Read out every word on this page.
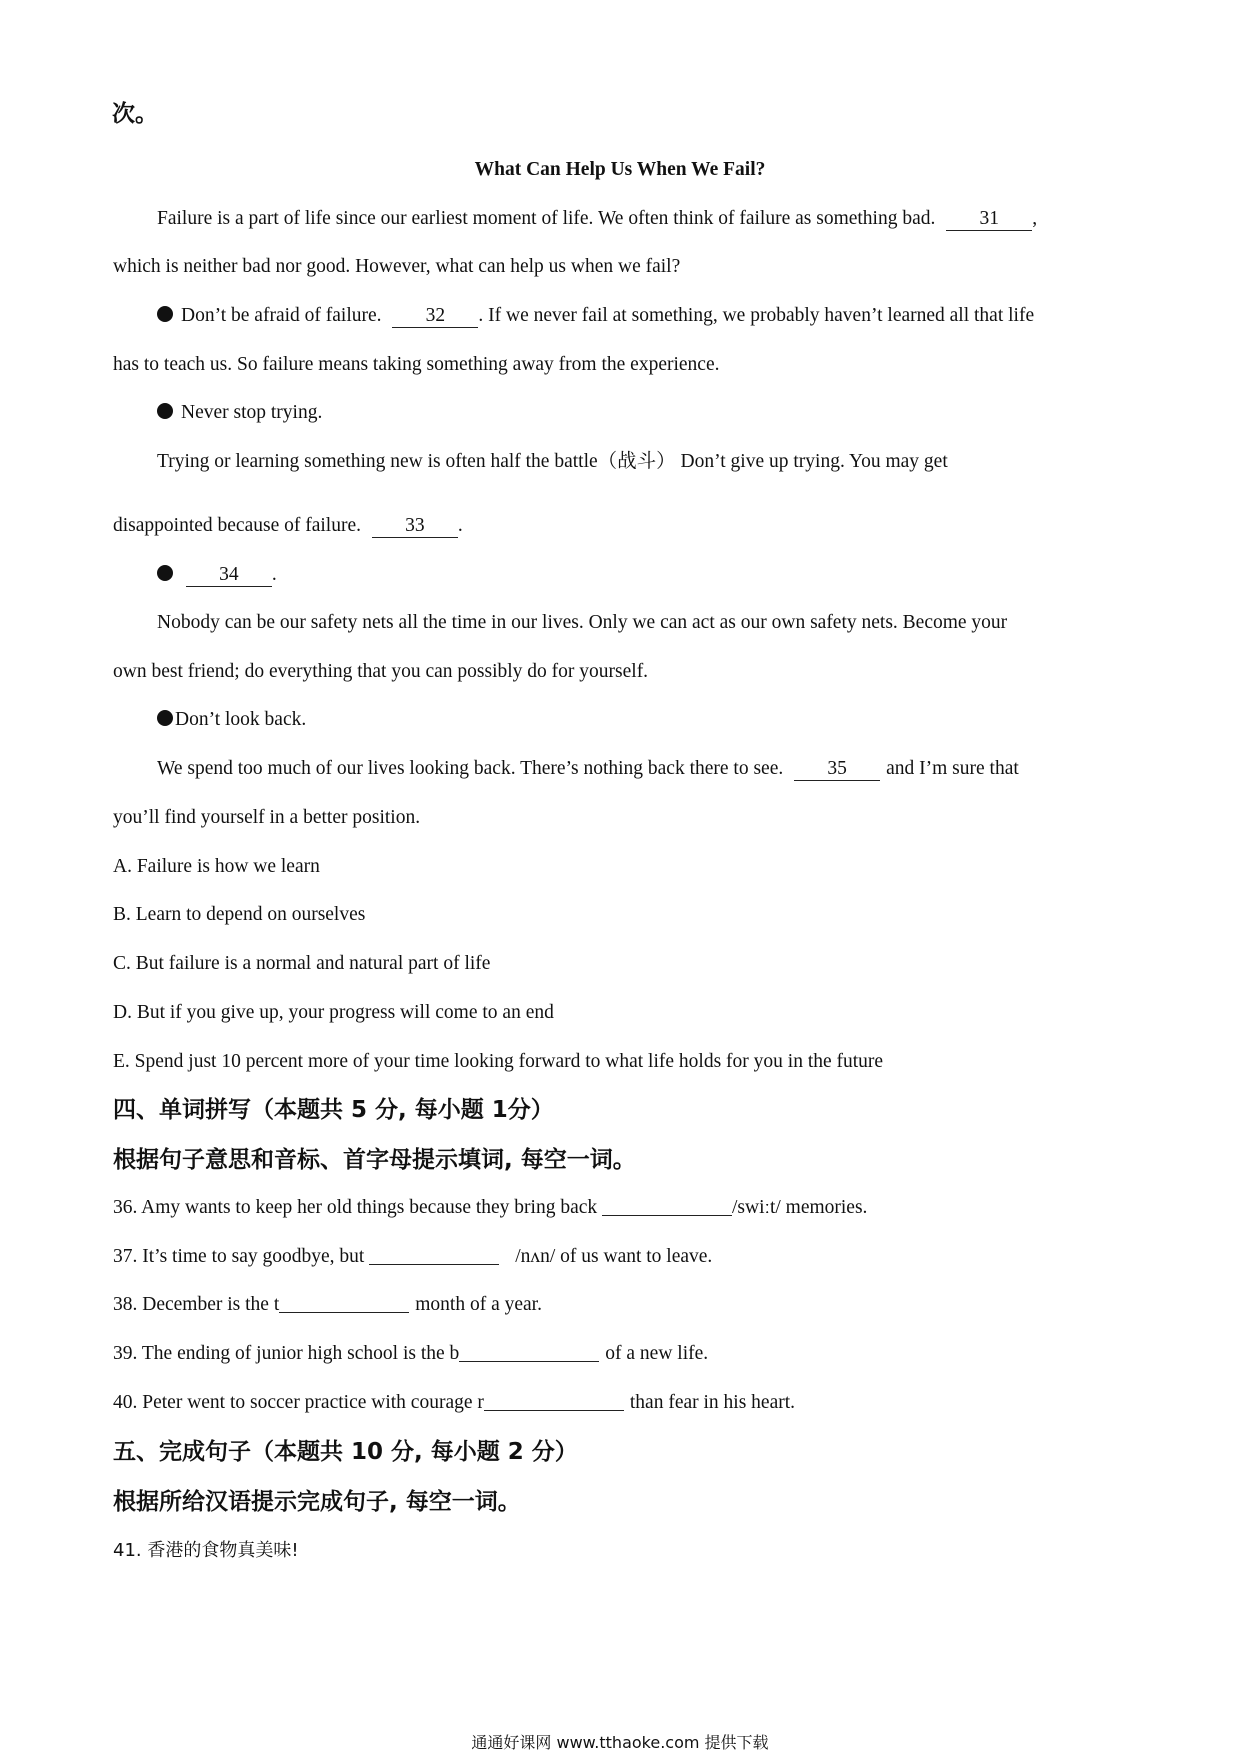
次。
What Can Help Us When We Fail?
Failure is a part of life since our earliest moment of life. We often think of failure as something bad. 31 ,
which is neither bad nor good. However, what can help us when we fail?
Don’t be afraid of failure. 32 . If we never fail at something, we probably haven’t learned all that life
has to teach us. So failure means taking something away from the experience.
Never stop trying.
Trying or learning something new is often half the battle（战斗） Don’t give up trying. You may get
disappointed because of failure. 33 .
34 .
Nobody can be our safety nets all the time in our lives. Only we can act as our own safety nets. Become your
own best friend; do everything that you can possibly do for yourself.
Don’t look back.
We spend too much of our lives looking back. There’s nothing back there to see. 35 and I’m sure that
you’ll find yourself in a better position.
A. Failure is how we learn
B. Learn to depend on ourselves
C. But failure is a normal and natural part of life
D. But if you give up, your progress will come to an end
E. Spend just 10 percent more of your time looking forward to what life holds for you in the future
四、单词拼写（本题共 5 分, 每小题 1分）
根据句子意思和音标、首字母提示填词, 每空一词。
36. Amy wants to keep her old things because they bring back	/swiːt/ memories.
37. It’s time to say goodbye, but	/nʌn/ of us want to leave.
38. December is the t	month of a year.
39. The ending of junior high school is the b	of a new life.
40. Peter went to soccer practice with courage r	than fear in his heart.
五、完成句子（本题共 10 分, 每小题 2 分）
根据所给汉语提示完成句子, 每空一词。
41. 香港的食物真美味!
通通好课网 www.tthaoke.com 提供下载
